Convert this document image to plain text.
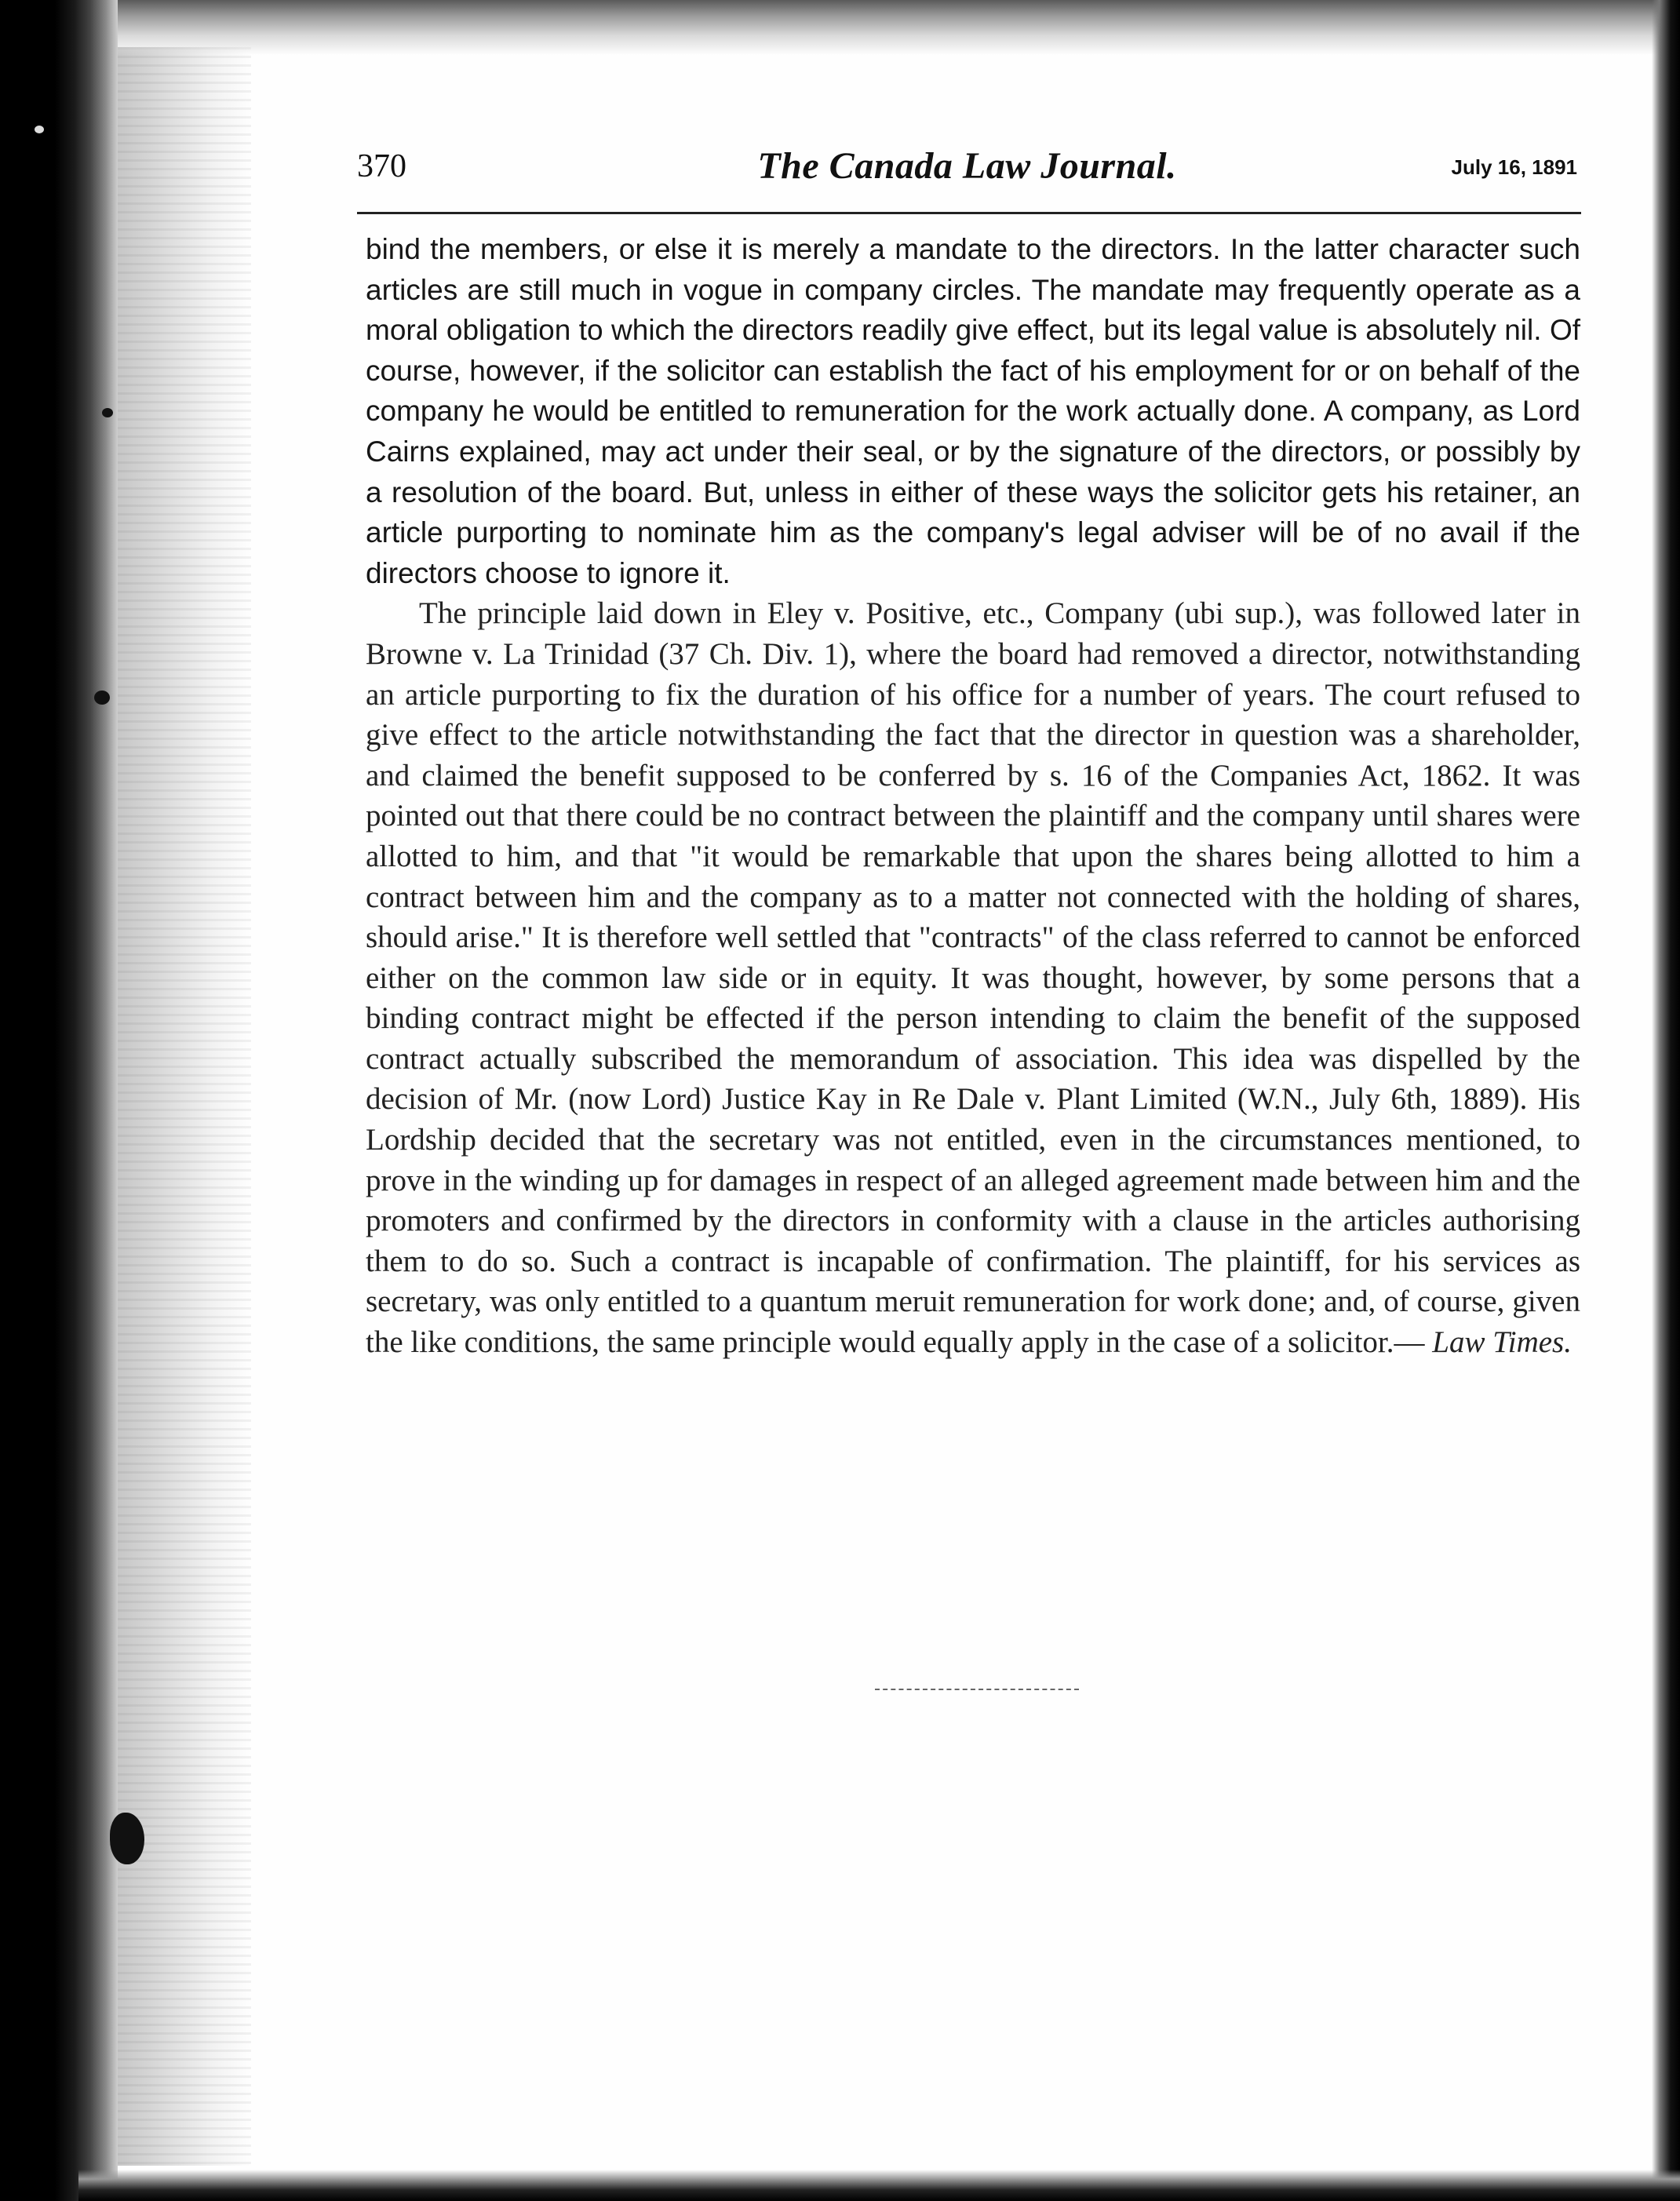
370	The Canada Law Journal.	July 16, 1891

bind the members, or else it is merely a mandate to the directors. In the latter character such articles are still much in vogue in company circles. The mandate may frequently operate as a moral obligation to which the directors readily give effect, but its legal value is absolutely nil. Of course, however, if the solicitor can establish the fact of his employment for or on behalf of the company he would be entitled to remuneration for the work actually done. A company, as Lord Cairns explained, may act under their seal, or by the signature of the directors, or possibly by a resolution of the board. But, unless in either of these ways the solicitor gets his retainer, an article purporting to nominate him as the company's legal adviser will be of no avail if the directors choose to ignore it.

The principle laid down in Eley v. Positive, etc., Company (ubi sup.), was followed later in Browne v. La Trinidad (37 Ch. Div. 1), where the board had removed a director, notwithstanding an article purporting to fix the duration of his office for a number of years. The court refused to give effect to the article notwithstanding the fact that the director in question was a shareholder, and claimed the benefit supposed to be conferred by s. 16 of the Companies Act, 1862. It was pointed out that there could be no contract between the plaintiff and the company until shares were allotted to him, and that "it would be remarkable that upon the shares being allotted to him a contract between him and the company as to a matter not connected with the holding of shares, should arise." It is therefore well settled that "contracts" of the class referred to cannot be enforced either on the common law side or in equity. It was thought, however, by some persons that a binding contract might be effected if the person intending to claim the benefit of the supposed contract actually subscribed the memorandum of association. This idea was dispelled by the decision of Mr. (now Lord) Justice Kay in Re Dale v. Plant Limited (W.N., July 6th, 1889). His Lordship decided that the secretary was not entitled, even in the circumstances mentioned, to prove in the winding up for damages in respect of an alleged agreement made between him and the promoters and confirmed by the directors in conformity with a clause in the articles authorising them to do so. Such a contract is incapable of confirmation. The plaintiff, for his services as secretary, was only entitled to a quantum meruit remuneration for work done; and, of course, given the like conditions, the same principle would equally apply in the case of a solicitor.— Law Times.
